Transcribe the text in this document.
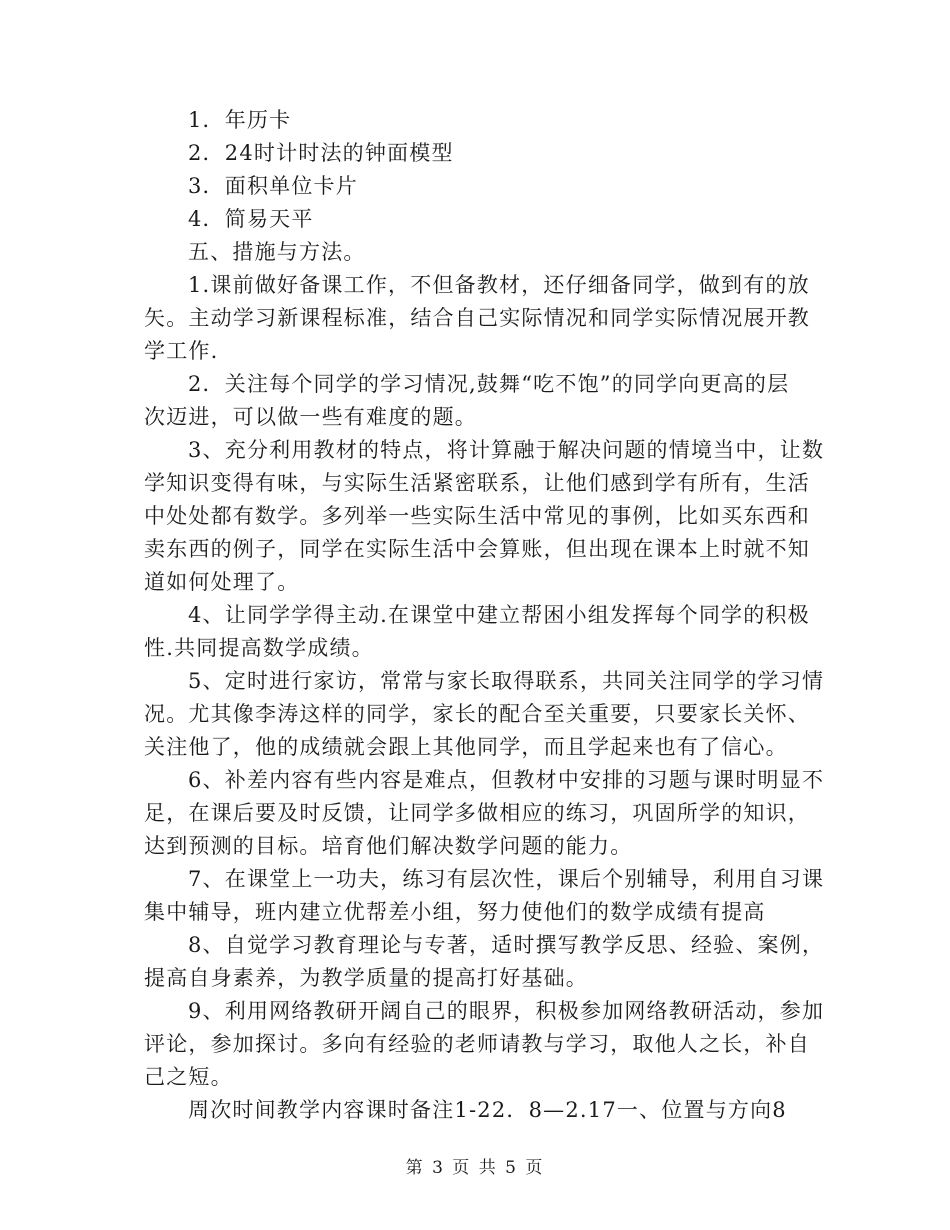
1．年历卡
2．24时计时法的钟面模型
3．面积单位卡片
4．简易天平
五、措施与方法。
1.课前做好备课工作，不但备教材，还仔细备同学，做到有的放
矢。主动学习新课程标准，结合自己实际情况和同学实际情况展开教
学工作.
2．关注每个同学的学习情况,鼓舞“吃不饱”的同学向更高的层
次迈进，可以做一些有难度的题。
3、充分利用教材的特点，将计算融于解决问题的情境当中，让数
学知识变得有味，与实际生活紧密联系，让他们感到学有所有，生活
中处处都有数学。多列举一些实际生活中常见的事例，比如买东西和
卖东西的例子，同学在实际生活中会算账，但出现在课本上时就不知
道如何处理了。
4、让同学学得主动.在课堂中建立帮困小组发挥每个同学的积极
性.共同提高数学成绩。
5、定时进行家访，常常与家长取得联系，共同关注同学的学习情
况。尤其像李涛这样的同学，家长的配合至关重要，只要家长关怀、
关注他了，他的成绩就会跟上其他同学，而且学起来也有了信心。
6、补差内容有些内容是难点，但教材中安排的习题与课时明显不
足，在课后要及时反馈，让同学多做相应的练习，巩固所学的知识，
达到预测的目标。培育他们解决数学问题的能力。
7、在课堂上一功夫，练习有层次性，课后个别辅导，利用自习课
集中辅导，班内建立优帮差小组，努力使他们的数学成绩有提高
8、自觉学习教育理论与专著，适时撰写教学反思、经验、案例，
提高自身素养，为教学质量的提高打好基础。
9、利用网络教研开阔自己的眼界，积极参加网络教研活动，参加
评论，参加探讨。多向有经验的老师请教与学习，取他人之长，补自
己之短。
周次时间教学内容课时备注1-22．8—2.17一、位置与方向8
第 3 页 共 5 页
